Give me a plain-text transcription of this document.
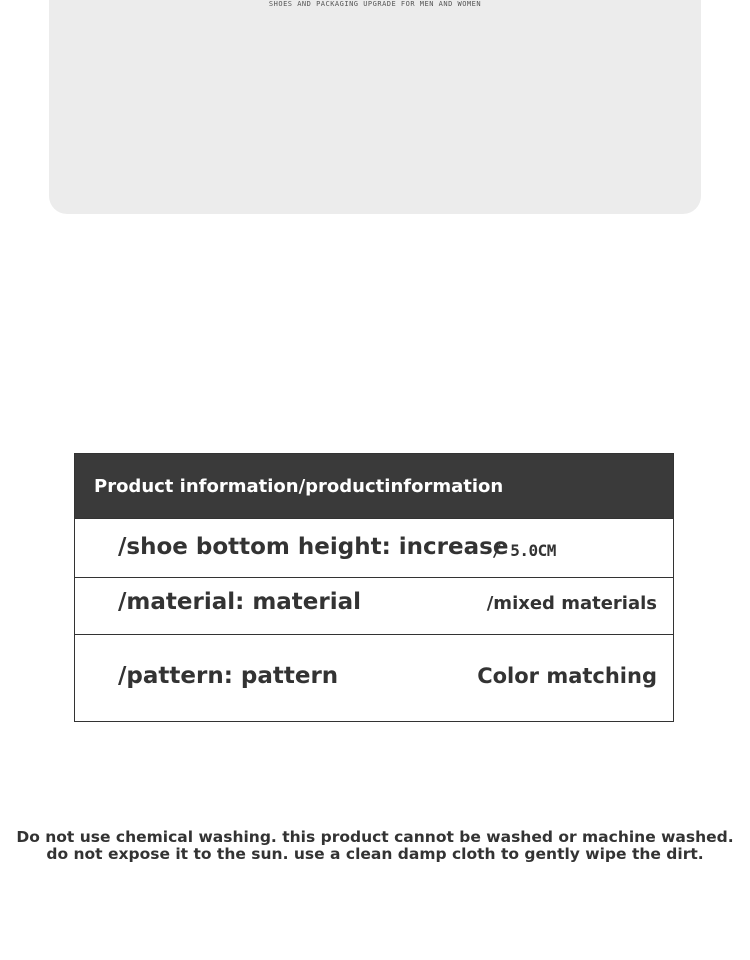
SHOES AND PACKAGING UPGRADE FOR MEN AND WOMEN
Product information/productinformation
/shoe bottom height: increase
/ 5.0CM
/material: material	/mixed materials
/pattern: pattern	Color matching
Do not use chemical washing. this product cannot be washed or machine washed. do not expose it to the sun. use a clean damp cloth to gently wipe the dirt.
